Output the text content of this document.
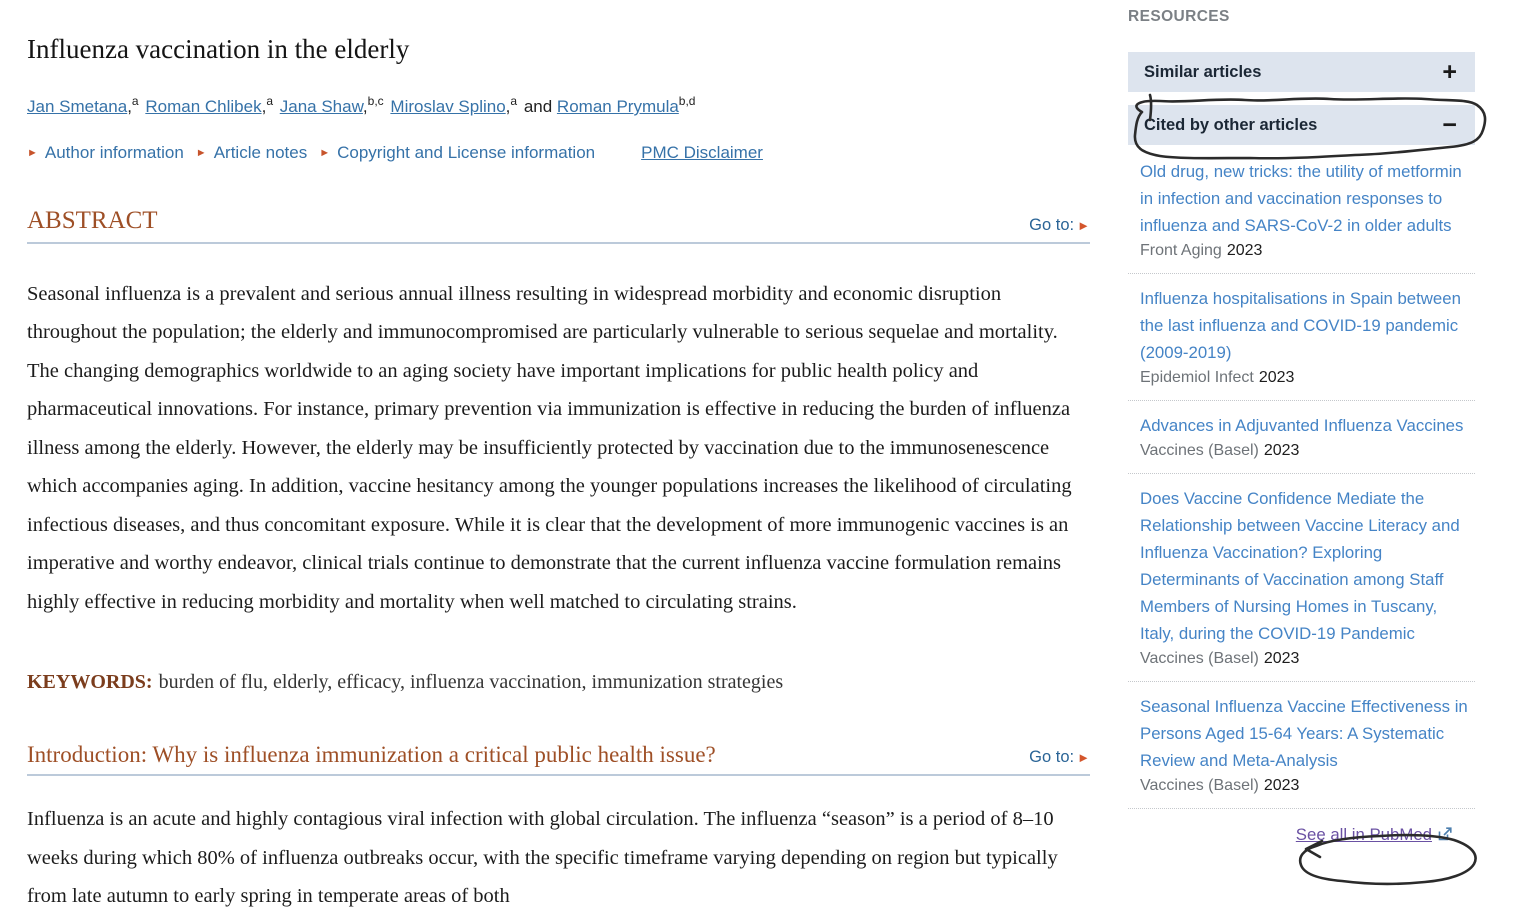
Influenza vaccination in the elderly
Jan Smetana,$^a$ Roman Chlibek,$^a$ Jana Shaw,$^{b,c}$ Miroslav Splino,$^a$ and Roman Prymula$^{b,d}$
► Author information ► Article notes ► Copyright and License information	PMC Disclaimer
ABSTRACT	Go to: ►

Seasonal influenza is a prevalent and serious annual illness resulting in widespread morbidity and economic disruption throughout the population; the elderly and immunocompromised are particularly vulnerable to serious sequelae and mortality. The changing demographics worldwide to an aging society have important implications for public health policy and pharmaceutical innovations. For instance, primary prevention via immunization is effective in reducing the burden of influenza illness among the elderly. However, the elderly may be insufficiently protected by vaccination due to the immunosenescence which accompanies aging. In addition, vaccine hesitancy among the younger populations increases the likelihood of circulating infectious diseases, and thus concomitant exposure. While it is clear that the development of more immunogenic vaccines is an imperative and worthy endeavor, clinical trials continue to demonstrate that the current influenza vaccine formulation remains highly effective in reducing morbidity and mortality when well matched to circulating strains.

KEYWORDS: burden of flu, elderly, efficacy, influenza vaccination, immunization strategies

Introduction: Why is influenza immunization a critical public health issue?	Go to: ►

Influenza is an acute and highly contagious viral infection with global circulation. The influenza “season” is a period of 8–10 weeks during which 80% of influenza outbreaks occur, with the specific timeframe varying depending on region but typically from late autumn to early spring in temperate areas of both

RESOURCES
Similar articles	+
Cited by other articles	−
Old drug, new tricks: the utility of metformin in infection and vaccination responses to influenza and SARS-CoV-2 in older adults
Front Aging 2023
Influenza hospitalisations in Spain between the last influenza and COVID-19 pandemic (2009-2019)
Epidemiol Infect 2023
Advances in Adjuvanted Influenza Vaccines
Vaccines (Basel) 2023
Does Vaccine Confidence Mediate the Relationship between Vaccine Literacy and Influenza Vaccination? Exploring Determinants of Vaccination among Staff Members of Nursing Homes in Tuscany, Italy, during the COVID-19 Pandemic
Vaccines (Basel) 2023
Seasonal Influenza Vaccine Effectiveness in Persons Aged 15-64 Years: A Systematic Review and Meta-Analysis
Vaccines (Basel) 2023
See all in PubMed
